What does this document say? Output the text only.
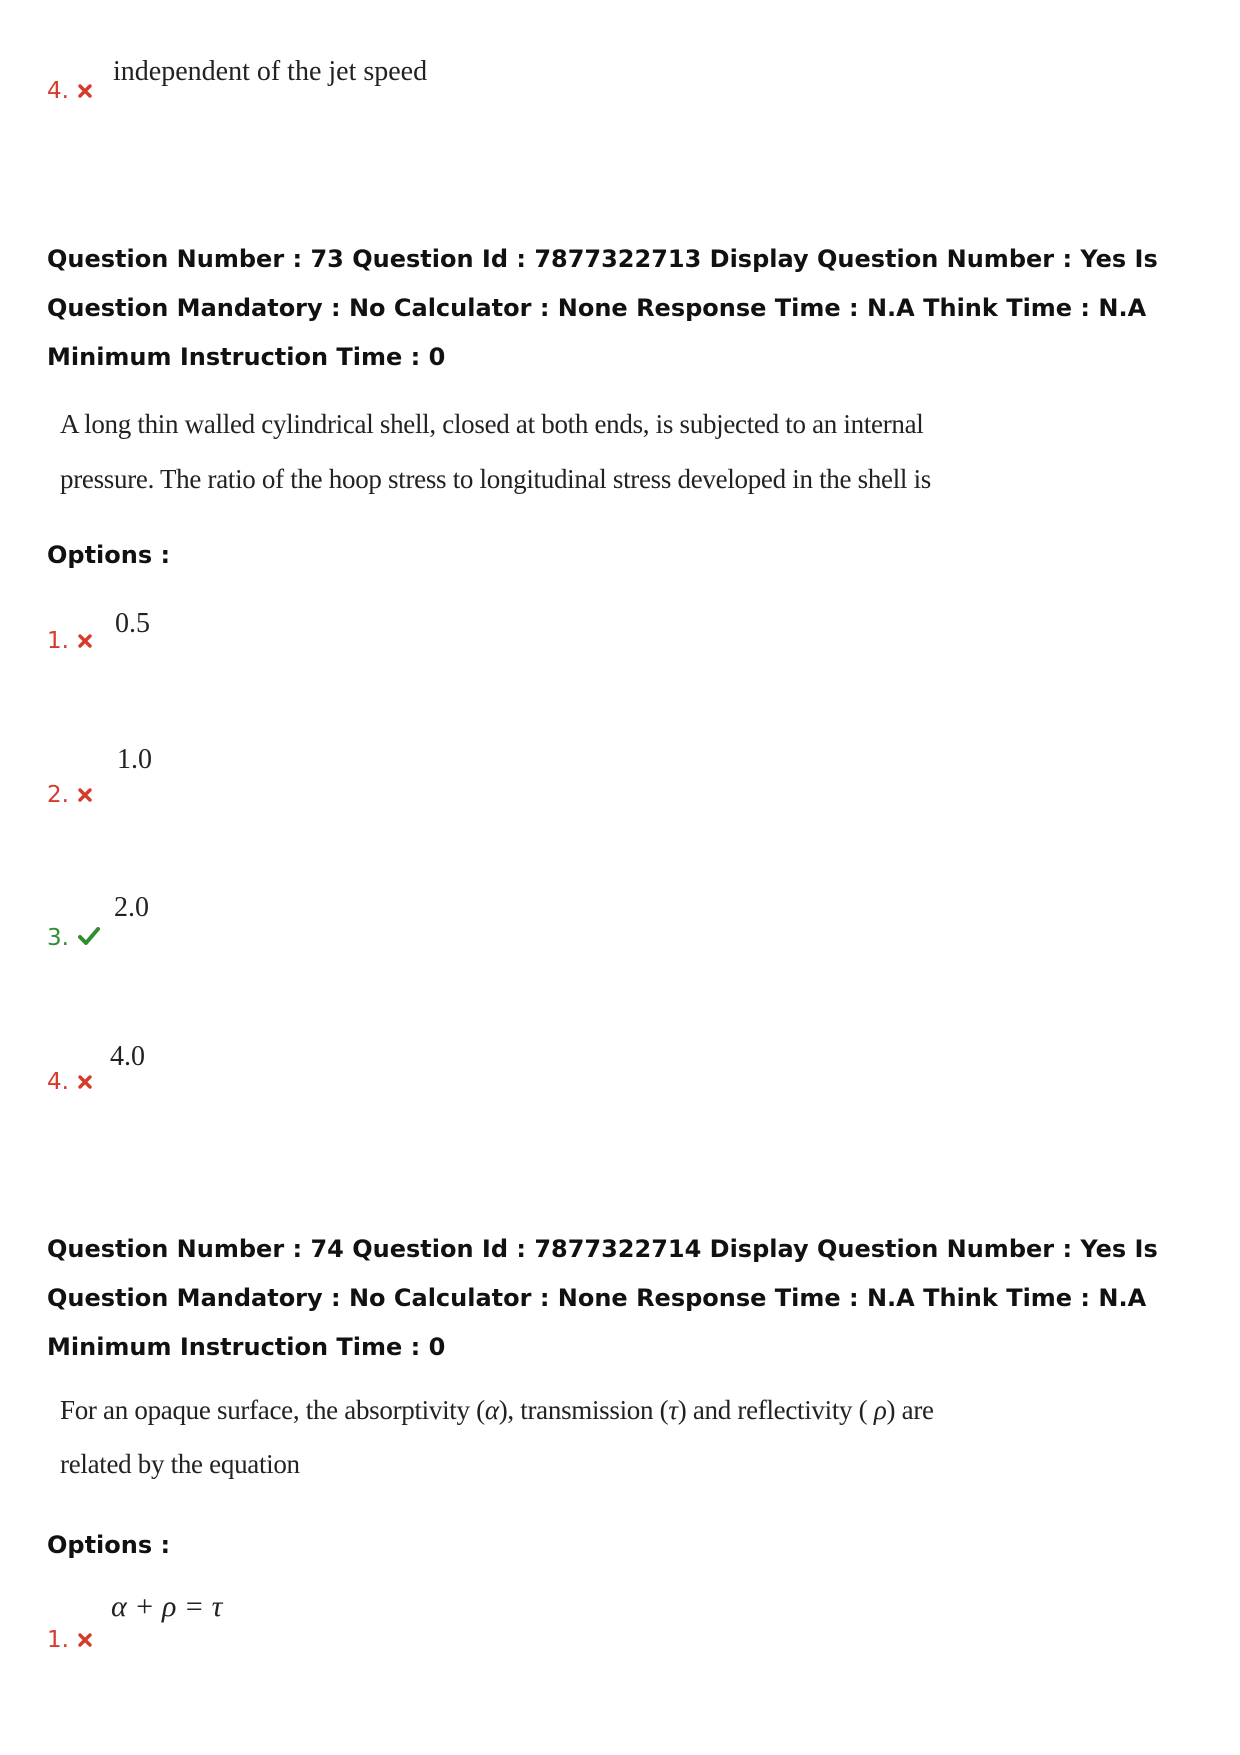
4.
independent of the jet speed
Question Number : 73 Question Id : 7877322713 Display Question Number : Yes Is Question Mandatory : No Calculator : None Response Time : N.A Think Time : N.A Minimum Instruction Time : 0
A long thin walled cylindrical shell, closed at both ends, is subjected to an internal
pressure. The ratio of the hoop stress to longitudinal stress developed in the shell is
Options :
1.
0.5
2.
1.0
3.
2.0
4.
4.0
Question Number : 74 Question Id : 7877322714 Display Question Number : Yes Is Question Mandatory : No Calculator : None Response Time : N.A Think Time : N.A Minimum Instruction Time : 0
For an opaque surface, the absorptivity (α), transmission (τ) and reflectivity ( ρ) are
related by the equation
Options :
1.
α + ρ = τ
